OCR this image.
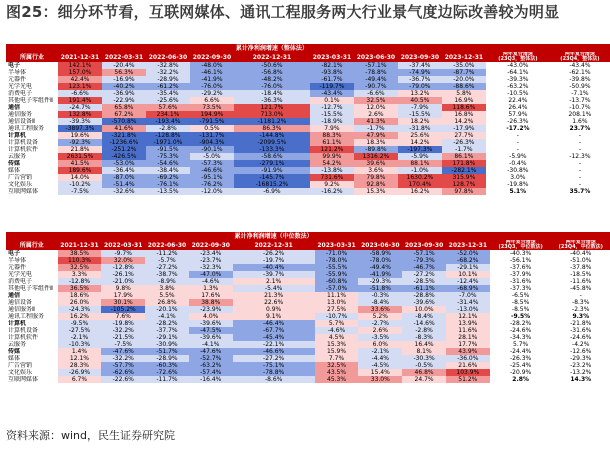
图25：细分环节看，互联网媒体、通讯工程服务两大行业景气度边际改善较为明显
					累计净利润增速（整体法）						
所属行业	2021-12-31	2022-03-31	2022-06-30	2022-09-30	2022-12-31	2023-03-31	2023-06-30	2023-09-30	2023-12-31	两年复合增速
(23Q3，整体法)	两年复合增速
(23Q4，整体法)
电子	142.1%	-20.4%	-32.8%	-48.0%	-50.6%	-82.1%	-57.1%	-37.4%	-35.0%	-43.0%	-43.4%
半导体	157.0%	56.3%	-32.2%	-46.1%	-56.8%	-93.8%	-78.8%	-74.9%	-87.7%	-64.1%	-62.1%
元器件	42.4%	-16.9%	-28.9%	-41.9%	-48.2%	-61.7%	-49.4%	-36.7%	-20.0%	-39.3%	-39.8%
光学光电	123.1%	-40.2%	-61.2%	-76.0%	-76.0%	-119.7%	-90.7%	-79.0%	-88.6%	-63.2%	-50.9%
消费电子	-6.6%	-36.9%	-35.4%	-29.2%	-18.4%	-43.4%	-6.6%	13.2%	5.8%	-10.5%	-7.1%
其他电子零组件Ⅱ	191.4%	-22.9%	-25.6%	6.6%	-36.3%	0.1%	32.5%	40.5%	16.9%	22.4%	-13.7%
通信	-24.7%	65.8%	57.6%	73.5%	121.7%	-12.7%	12.0%	-7.9%	118.6%	26.4%	-10.7%
通信服务	132.8%	67.2%	234.1%	194.9%	713.0%	-15.5%	2.6%	-15.5%	16.8%	57.9%	208.1%
通信设备Ⅱ	-39.3%	-570.8%	-193.4%	-791.5%	-1181.2%	-18.9%	41.3%	18.2%	14.2%	-26.3%	1.6%
通讯工程服务	-3897.3%	41.6%	-2.8%	0.5%	86.3%	7.9%	-1.7%	-31.8%	-17.9%	-17.2%	23.7%
计算机	19.6%	-321.8%	-128.8%	-131.7%	-144.8%	88.3%	47.9%	25.6%	27.7%	-	-
计算机设备	-92.3%	-1236.6%	-1971.0%	-904.3%	-2099.5%	61.1%	18.3%	14.2%	-26.3%	-	-
计算机软件	21.8%	-251.2%	-91.5%	-90.1%	-133.3%	121.2%	-89.8%	-197.3%	-1.7%	-	-
云服务	2631.5%	-426.5%	-75.3%	-5.0%	-58.6%	99.9%	1316.2%	-5.9%	86.1%	-5.9%	-12.3%
传媒	41.5%	-53.0%	-54.6%	-57.3%	-279.1%	54.2%	39.6%	88.1%	171.8%	-0.4%	-
媒体	189.6%	-36.4%	-38.4%	-46.6%	-91.9%	-13.8%	3.6%	-1.0%	-282.1%	-30.8%	-
广告营销	14.0%	-87.0%	-69.2%	-95.1%	-145.7%	731.6%	79.8%	1630.2%	315.9%	3.0%	-
文化娱乐	-10.2%	-51.4%	-76.1%	-76.2%	-16815.2%	9.2%	92.8%	170.4%	128.7%	-19.8%	-
互联网媒体	-7.5%	-32.6%	-13.5%	-12.0%	-6.9%	-16.2%	15.3%	16.2%	97.8%	5.1%	35.7%
					累计净利润增速（中位数法）						
所属行业	2021-12-31	2022-03-31	2022-06-30	2022-09-30	2022-12-31	2023-03-31	2023-06-30	2023-09-30	2023-12-31	两年复合增速
(23Q3，中位数法)	两年复合增速
(23Q4，中位数法)
电子	38.5%	-9.7%	-11.2%	-23.4%	-26.2%	-71.0%	-58.9%	-57.1%	-52.0%	-40.3%	-40.4%
半导体	110.3%	32.0%	-5.7%	-23.7%	-19.7%	-78.0%	-78.0%	-79.3%	-68.2%	-56.1%	-51.0%
元器件	32.5%	-12.8%	-27.2%	-32.3%	-40.4%	-55.5%	-49.4%	-46.7%	-29.1%	-37.6%	-37.8%
光学光电	3.3%	-26.1%	-38.7%	-47.0%	-39.7%	-55.9%	-41.9%	-27.2%	10.1%	-37.9%	-18.5%
消费电子	-12.8%	-21.0%	-8.9%	-4.6%	2.1%	-60.8%	-29.3%	-28.5%	-12.4%	-31.6%	-11.6%
其他电子零组件Ⅱ	36.5%	9.8%	3.8%	1.3%	-5.4%	-57.0%	-51.8%	-61.1%	-68.9%	-37.3%	-45.8%
通信	18.6%	17.9%	5.5%	17.6%	21.3%	11.1%	-0.3%	-28.8%	-7.0%	-6.5%	-
通信设备	26.0%	30.1%	26.8%	38.8%	22.6%	13.0%	-8.4%	-39.6%	-31.4%	-8.5%	-8.3%
通信服务Ⅱ	-24.3%	-105.2%	-20.1%	-23.9%	0.9%	27.5%	33.6%	10.0%	-13.0%	-8.5%	-2.3%
通讯工程服务	16.2%	7.6%	-4.1%	4.0%	9.1%	-10.7%	5.2%	-8.4%	12.1%	-9.5%	9.3%
计算机	-9.5%	-19.8%	-28.2%	-39.6%	-46.4%	5.7%	-2.7%	-14.6%	13.9%	-28.2%	-21.8%
计算机设备	-27.5%	-32.2%	-37.7%	-47.5%	-67.7%	-4.6%	2.6%	-2.8%	11.6%	-24.6%	-31.6%
计算机软件	-2.1%	-21.5%	-29.1%	-39.6%	-45.4%	4.5%	-3.5%	-8.3%	28.1%	-34.3%	-24.6%
云服务	-10.3%	-7.5%	-30.9%	-4.1%	-22.1%	15.3%	6.0%	16.4%	17.7%	5.7%	-4.2%
传媒	1.4%	-47.6%	-51.7%	-47.6%	-46.6%	15.9%	-2.1%	8.1%	43.9%	-24.4%	-12.6%
媒体	12.1%	-32.2%	-28.9%	-52.7%	-27.2%	7.7%	-4.4%	-30.3%	-36.0%	-26.3%	-29.3%
广告营销	28.3%	-57.7%	-60.3%	-63.2%	-75.1%	32.5%	-4.5%	-0.5%	21.6%	-25.4%	-23.2%
文化娱乐	-26.9%	-62.6%	-72.6%	-57.4%	-78.8%	43.5%	15.4%	46.8%	103.9%	-20.9%	-13.2%
互联网媒体	6.7%	-22.6%	-11.7%	-16.4%	-8.6%	45.3%	33.0%	24.7%	51.2%	2.8%	14.3%
资料来源：wind，民生证券研究院
